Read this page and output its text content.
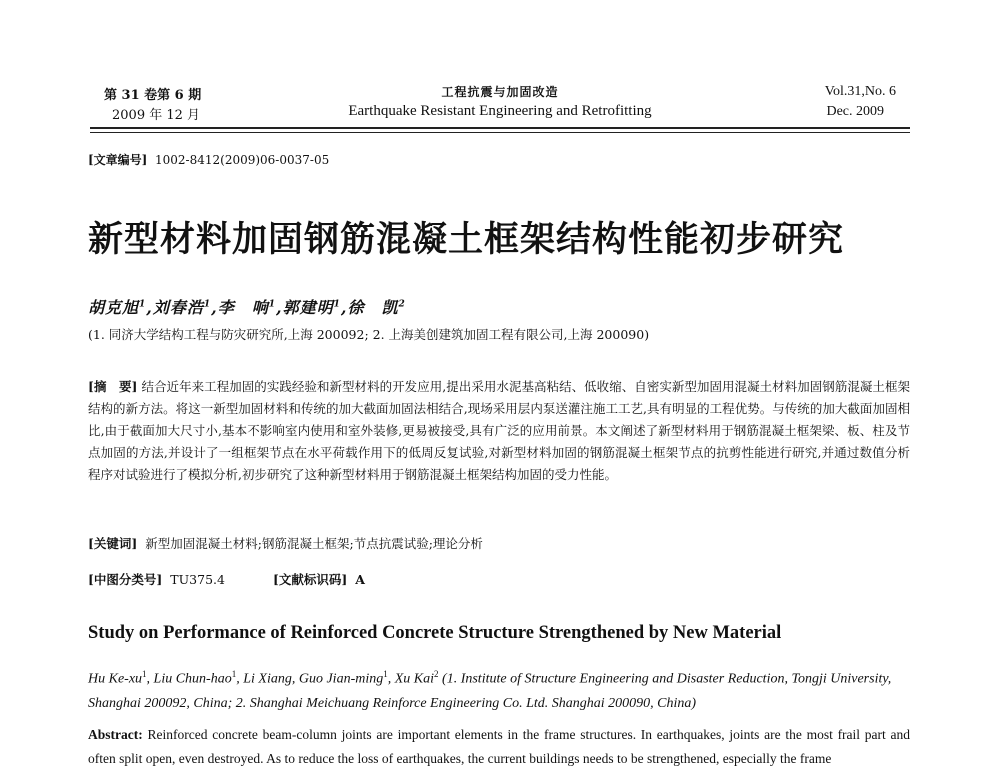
第 31 卷第 6 期
2009 年 12 月
工程抗震与加固改造
Earthquake Resistant Engineering and Retrofitting
Vol.31,No. 6
Dec. 2009
[文章编号] 1002-8412(2009)06-0037-05
新型材料加固钢筋混凝土框架结构性能初步研究
胡克旭$^1$,刘春浩$^1$,李　响$^1$,郭建明$^1$,徐　凯$^2$
(1. 同济大学结构工程与防灾研究所,上海 200092; 2. 上海美创建筑加固工程有限公司,上海 200090)
[摘　要] 结合近年来工程加固的实践经验和新型材料的开发应用,提出采用水泥基高粘结、低收缩、自密实新型加固用混凝土材料加固钢筋混凝土框架结构的新方法。将这一新型加固材料和传统的加大截面加固法相结合,现场采用层内泵送灌注施工工艺,具有明显的工程优势。与传统的加大截面加固相比,由于截面加大尺寸小,基本不影响室内使用和室外装修,更易被接受,具有广泛的应用前景。本文阐述了新型材料用于钢筋混凝土框架梁、板、柱及节点加固的方法,并设计了一组框架节点在水平荷载作用下的低周反复试验,对新型材料加固的钢筋混凝土框架节点的抗剪性能进行研究,并通过数值分析程序对试验进行了模拟分析,初步研究了这种新型材料用于钢筋混凝土框架结构加固的受力性能。
[关键词] 新型加固混凝土材料;钢筋混凝土框架;节点抗震试验;理论分析
[中图分类号] TU375.4	[文献标识码] A
Study on Performance of Reinforced Concrete Structure Strengthened by New Material
Hu $Ke-xu^1$, Liu Chun-hao$^1$, Li Xiang, Guo Jian-ming$^1$, Xu Kai$^2$ (1. Institute of Structure Engineering and Disaster Reduction, Tongji University, Shanghai 200092, China; 2. Shanghai Meichuang Reinforce Engineering Co. Ltd. Shanghai 200090, China)
Abstract: Reinforced concrete beam-column joints are important elements in the frame structures. In earthquakes, joints are the most frail part and often split open, even destroyed. As to reduce the loss of earthquakes, the current buildings needs to be strengthened, especially the frame
